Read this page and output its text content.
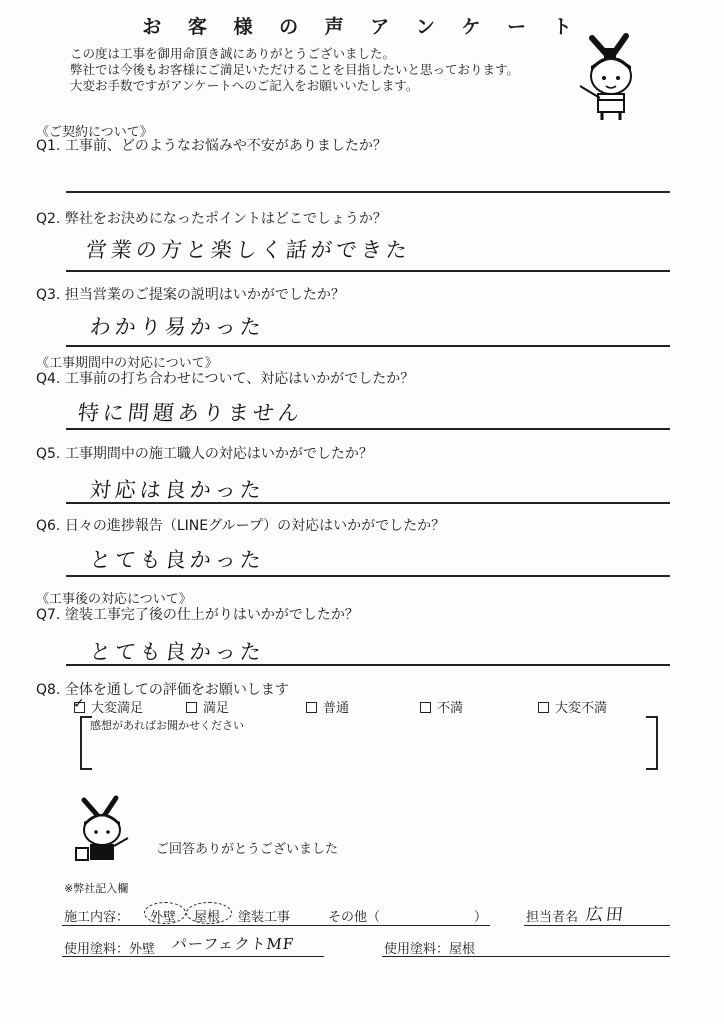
お 客 様 の 声 ア ン ケ ー ト
この度は工事を御用命頂き誠にありがとうございました。
弊社では今後もお客様にご満足いただけることを目指したいと思っております。
大変お手数ですがアンケートへのご記入をお願いいたします。
《ご契約について》
Q1. 工事前、どのようなお悩みや不安がありましたか？
Q2. 弊社をお決めになったポイントはどこでしょうか？
営業の方と楽しく話ができた
Q3. 担当営業のご提案の説明はいかがでしたか？
わかり易かった
《工事期間中の対応について》
Q4. 工事前の打ち合わせについて、対応はいかがでしたか？
特に問題ありません
Q5. 工事期間中の施工職人の対応はいかがでしたか？
対応は良かった
Q6. 日々の進捗報告（LINEグループ）の対応はいかがでしたか？
とても良かった
《工事後の対応について》
Q7. 塗装工事完了後の仕上がりはいかがでしたか？
とても良かった
Q8. 全体を通しての評価をお願いします
✓ 大変満足	満足	普通	不満	大変不満
感想があればお聞かせください
ご回答ありがとうございました
※弊社記入欄
施工内容： 外壁 屋根 塗装工事	その他（	）	担当者名 広田
使用塗料：外壁 パーフェクトMF	使用塗料：屋根
